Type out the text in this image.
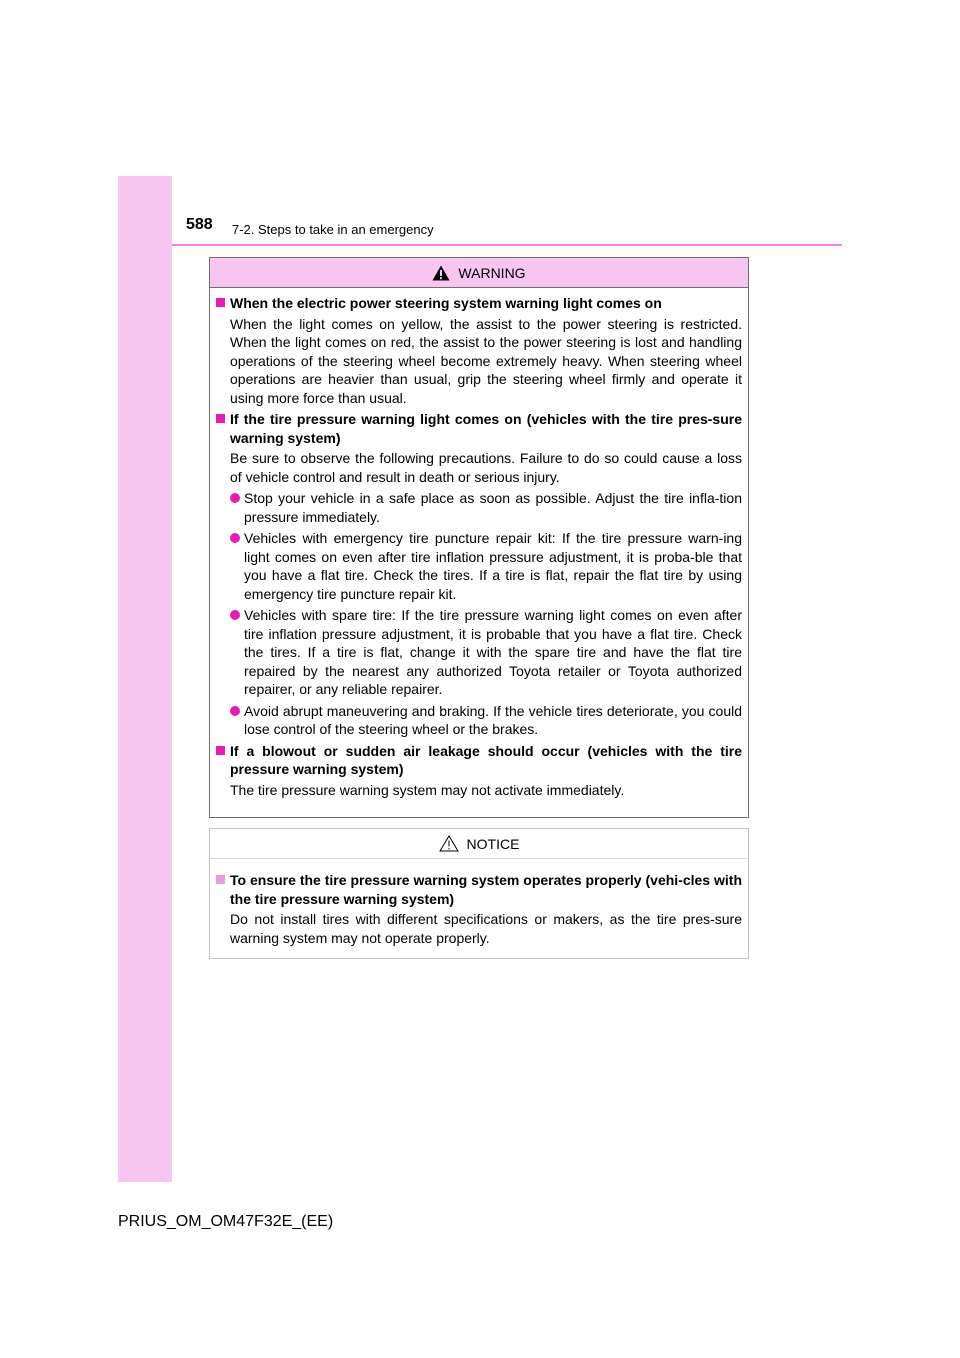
588 7-2. Steps to take in an emergency
WARNING
When the electric power steering system warning light comes on
When the light comes on yellow, the assist to the power steering is restricted. When the light comes on red, the assist to the power steering is lost and handling operations of the steering wheel become extremely heavy. When steering wheel operations are heavier than usual, grip the steering wheel firmly and operate it using more force than usual.
If the tire pressure warning light comes on (vehicles with the tire pres-sure warning system)
Be sure to observe the following precautions. Failure to do so could cause a loss of vehicle control and result in death or serious injury.
Stop your vehicle in a safe place as soon as possible. Adjust the tire infla-tion pressure immediately.
Vehicles with emergency tire puncture repair kit: If the tire pressure warn-ing light comes on even after tire inflation pressure adjustment, it is proba-ble that you have a flat tire. Check the tires. If a tire is flat, repair the flat tire by using emergency tire puncture repair kit.
Vehicles with spare tire: If the tire pressure warning light comes on even after tire inflation pressure adjustment, it is probable that you have a flat tire. Check the tires. If a tire is flat, change it with the spare tire and have the flat tire repaired by the nearest any authorized Toyota retailer or Toyota authorized repairer, or any reliable repairer.
Avoid abrupt maneuvering and braking. If the vehicle tires deteriorate, you could lose control of the steering wheel or the brakes.
If a blowout or sudden air leakage should occur (vehicles with the tire pressure warning system)
The tire pressure warning system may not activate immediately.
NOTICE
To ensure the tire pressure warning system operates properly (vehi-cles with the tire pressure warning system)
Do not install tires with different specifications or makers, as the tire pres-sure warning system may not operate properly.
PRIUS_OM_OM47F32E_(EE)
